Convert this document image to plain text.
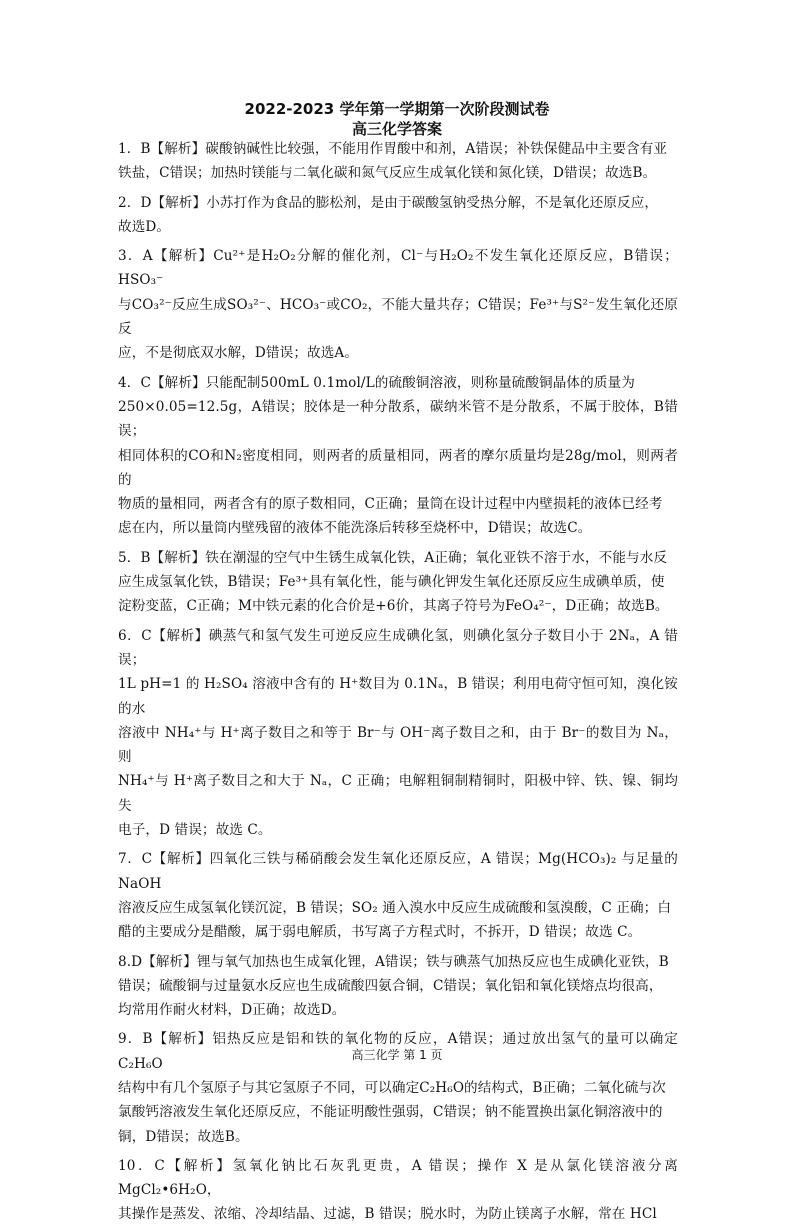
2022-2023 学年第一学期第一次阶段测试卷
高三化学答案

1．B【解析】碳酸钠碱性比较强，不能用作胃酸中和剂，A错误；补铁保健品中主要含有亚

铁盐，C错误；加热时镁能与二氧化碳和氮气反应生成氧化镁和氮化镁，D错误；故选B。

2．D【解析】小苏打作为食品的膨松剂，是由于碳酸氢钠受热分解，不是氧化还原反应，

故选D。

3．A【解析】Cu²⁺是H₂O₂分解的催化剂，Cl⁻与H₂O₂不发生氧化还原反应，B错误；HSO₃⁻

与CO₃²⁻反应生成SO₃²⁻、HCO₃⁻或CO₂，不能大量共存；C错误；Fe³⁺与S²⁻发生氧化还原反

应，不是彻底双水解，D错误；故选A。

4．C【解析】只能配制500mL 0.1mol/L的硫酸铜溶液，则称量硫酸铜晶体的质量为

250×0.05=12.5g，A错误；胶体是一种分散系，碳纳米管不是分散系，不属于胶体，B错误；

相同体积的CO和N₂密度相同，则两者的质量相同，两者的摩尔质量均是28g/mol，则两者的

物质的量相同，两者含有的原子数相同，C正确；量筒在设计过程中内壁损耗的液体已经考

虑在内，所以量筒内壁残留的液体不能洗涤后转移至烧杯中，D错误；故选C。

5．B【解析】铁在潮湿的空气中生锈生成氧化铁，A正确；氧化亚铁不溶于水，不能与水反

应生成氢氧化铁，B错误；Fe³⁺具有氧化性，能与碘化钾发生氧化还原反应生成碘单质，使

淀粉变蓝，C正确；M中铁元素的化合价是+6价，其离子符号为FeO₄²⁻，D正确；故选B。

6．C【解析】碘蒸气和氢气发生可逆反应生成碘化氢，则碘化氢分子数目小于 2Nₐ，A 错误；

1L pH=1 的 H₂SO₄ 溶液中含有的 H⁺数目为 0.1Nₐ，B 错误；利用电荷守恒可知，溴化铵的水

溶液中 NH₄⁺与 H⁺离子数目之和等于 Br⁻与 OH⁻离子数目之和，由于 Br⁻的数目为 Nₐ，则

NH₄⁺与 H⁺离子数目之和大于 Nₐ，C 正确；电解粗铜制精铜时，阳极中锌、铁、镍、铜均失

电子，D 错误；故选 C。

7．C【解析】四氧化三铁与稀硝酸会发生氧化还原反应，A 错误；Mg(HCO₃)₂ 与足量的 NaOH

溶液反应生成氢氧化镁沉淀，B 错误；SO₂ 通入溴水中反应生成硫酸和氢溴酸，C 正确；白

醋的主要成分是醋酸，属于弱电解质，书写离子方程式时，不拆开，D 错误；故选 C。

8.D【解析】锂与氧气加热也生成氧化锂，A错误；铁与碘蒸气加热反应也生成碘化亚铁，B

错误；硫酸铜与过量氨水反应也生成硫酸四氨合铜，C错误；氧化铝和氧化镁熔点均很高，

均常用作耐火材料，D正确；故选D。

9．B【解析】铝热反应是铝和铁的氧化物的反应，A错误；通过放出氢气的量可以确定C₂H₆O

结构中有几个氢原子与其它氢原子不同，可以确定C₂H₆O的结构式，B正确；二氧化硫与次

氯酸钙溶液发生氧化还原反应，不能证明酸性强弱，C错误；钠不能置换出氯化铜溶液中的

铜，D错误；故选B。

10．C【解析】氢氧化钠比石灰乳更贵，A 错误；操作 X 是从氯化镁溶液分离 MgCl₂•6H₂O，

其操作是蒸发、浓缩、冷却结晶、过滤，B 错误；脱水时，为防止镁离子水解，常在 HCl

高三化学 第 1 页
